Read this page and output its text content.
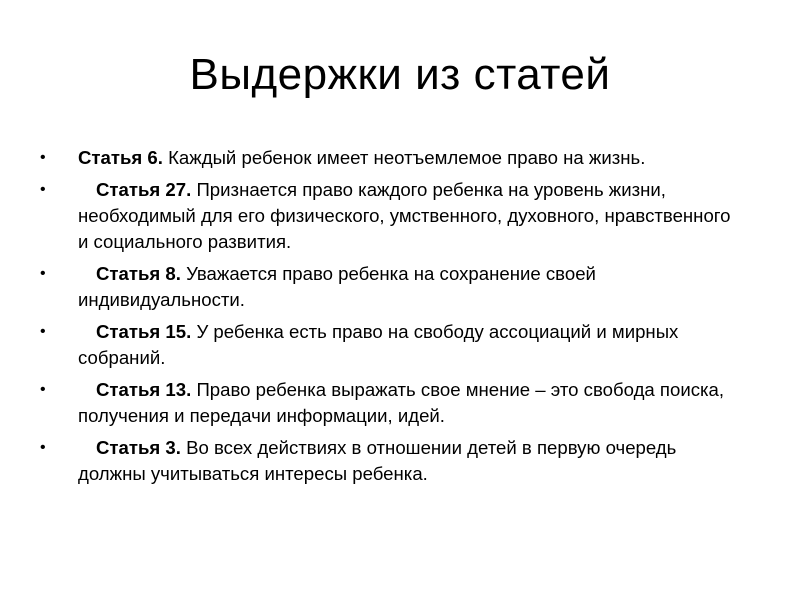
Выдержки из статей
•	Статья 6. Каждый ребенок имеет неотъемлемое право на жизнь.
•	Статья 27. Признается право каждого ребенка на уровень жизни, необходимый для его физического, умственного, духовного, нравственного и социального развития.
•	Статья 8. Уважается право ребенка на сохранение своей индивидуальности.
•	Статья 15. У ребенка есть право на свободу ассоциаций и мирных собраний.
•	Статья 13. Право ребенка выражать свое мнение – это свобода поиска, получения и передачи информации, идей.
•	Статья 3. Во всех действиях в отношении детей в первую очередь должны учитываться интересы ребенка.
